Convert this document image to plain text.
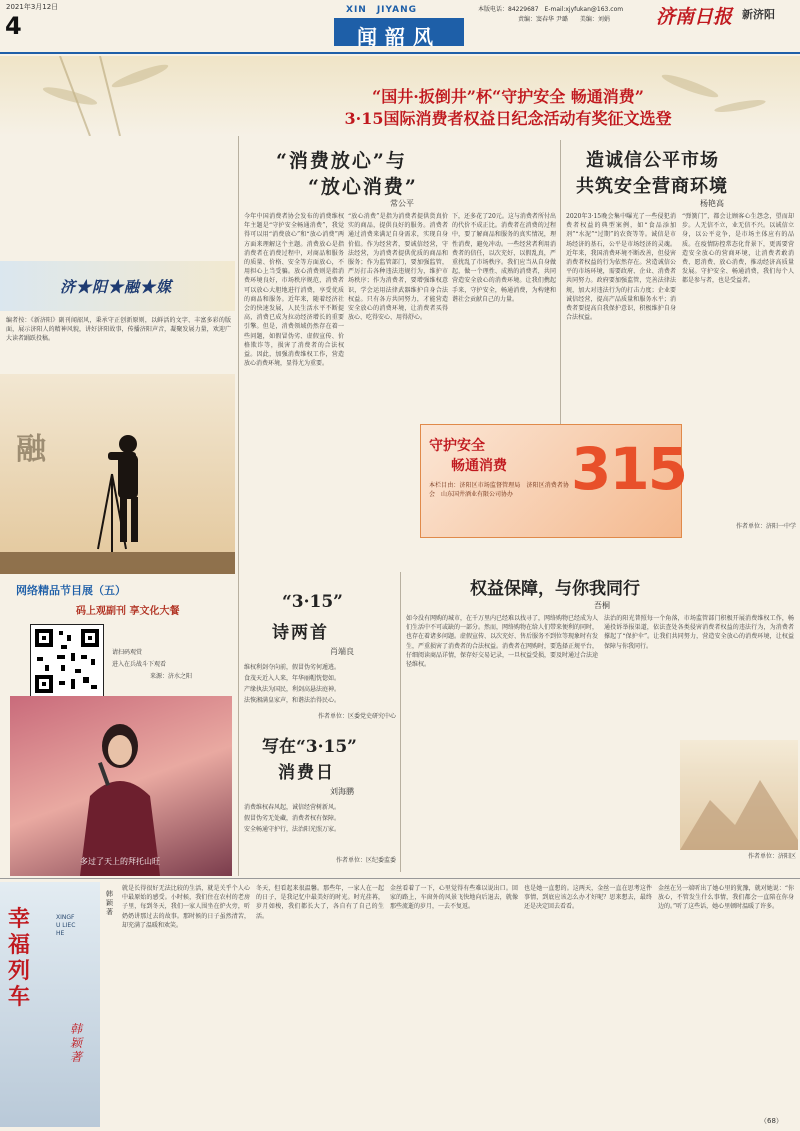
2021年3月12日
4
XIN　JIYANG
闻韶风
本版电话：84229687　E-mail:xjyfukan@163.com
责编：窦春华 尹璐　　美编：刘娟 济南日报 新济阳
“国井·扳倒井”杯“守护安全 畅通消费”
3·15国际消费者权益日纪念活动有奖征文选登
济★阳★融★媒
编者按：《新济阳》副刊闻韶风，秉承守正创新原则，以鲜活的文字、丰富多彩的版面，展示济阳人的精神风貌，讲好济阳故事，传播济阳声音，凝聚发展力量，欢迎广大读者踊跃投稿。
融
网络精品节目展（五）
码上观副刊 享文化大餐
请扫码观赏
进入在兵战斗下观看
来源：济水之阳
多过了天上的拜托山旺
“消费放心”与
“放心消费”
常公平
今年中国消费者协会发布的消费维权年主题是“守护安全畅通消费”，我觉得可以用“消费放心”和“放心消费”两方面来理解这个主题。消费放心是指消费者在消费过程中，对商品和服务的质量、价格、安全等方面放心，不用担心上当受骗。放心消费则是指消费环境良好，市场秩序规范，消费者可以放心大胆地进行消费，享受优质的商品和服务。近年来，随着经济社会的快速发展，人民生活水平不断提高，消费已成为拉动经济增长的重要引擎。但是，消费领域仍然存在着一些问题，如假冒伪劣、虚假宣传、价格欺诈等，损害了消费者的合法权益。因此，加强消费维权工作，营造放心消费环境，显得尤为重要。
“放心消费”是指为消费者提供货真价实的商品，提供良好的服务。消费者通过消费来满足自身需求，实现自身价值。作为经营者，要诚信经营，守法经营，为消费者提供优质的商品和服务；作为监管部门，要加强监管，严厉打击各种违法违规行为，维护市场秩序；作为消费者，要增强维权意识，学会运用法律武器维护自身合法权益。只有各方共同努力，才能营造安全放心的消费环境，让消费者买得放心、吃得安心、用得舒心。
下，还多花了20元。这与消费者所付出的代价不成正比。消费者在消费的过程中，要了解商品和服务的真实情况，理性消费，避免冲动。一些经营者利用消费者的信任，以次充好，以假乱真，严重扰乱了市场秩序。我们应当从自身做起，做一个理性、成熟的消费者，共同营造安全放心的消费环境。让我们携起手来，守护安全，畅通消费，为构建和谐社会贡献自己的力量。
造诚信公平市场
共筑安全营商环境
杨艳高
2020年3·15晚会集中曝光了一些侵犯消费者权益的典型案例，如“食品添加剂”“水泥”“过期”的农资等等。诚信是市场经济的基石，公平是市场经济的灵魂。近年来，我国消费环境不断改善，但侵害消费者权益的行为依然存在。营造诚信公平的市场环境，需要政府、企业、消费者共同努力。政府要加强监管，完善法律法规，加大对违法行为的打击力度；企业要诚信经营，提高产品质量和服务水平；消费者要提高自我保护意识，积极维护自身合法权益。
“弹簧门”，都会让顾客心生怨念，望而却步。人无信不立，业无信不兴。以诚信立身，以公平竞争，是市场主体应有的品质。在疫情防控常态化背景下，更需要营造安全放心的营商环境，让消费者敢消费、愿消费、放心消费，推动经济高质量发展。守护安全、畅通消费，我们每个人都是参与者，也是受益者。
作者单位：济阳一中学
守护安全
畅通消费 315
本栏目由：济阳区市场监督管理局　济阳区消费者协会　山东国井酒业有限公司协办
“3·15”
诗两首
肖端良
维权利剑夺向前，假冒伪劣何遁逃。
食茂天近入人来，年华丽帽恍惚如。
产缘执法为国民，利剑高悬法庭神。
法恢湘满皇家声，和谐法治得民心。
作者单位：区委党史研究中心
写在“3·15”
消费日
刘海鹏
消费维权春风起，诚信经营树新风。
假冒伪劣无处藏，消费者权有保障。
安全畅通守护行，法治阳光照万家。
作者单位：区纪委监委
权益保障，与你我同行
吾桐
如今没有网购的城市，在千万里内已经难以找寻了，网络购物已经成为人们生活中不可或缺的一部分。然而，网络购物在给人们带来便利的同时，也存在着诸多问题。虚假宣传、以次充好、售后服务不到位等现象时有发生，严重损害了消费者的合法权益。消费者在网购时，要选择正规平台，仔细阅读商品详情，保存好交易记录，一旦权益受损，要及时通过合法途径维权。
法治的阳光普照每一个角落，市场监管部门积极开展消费维权工作，畅通投诉举报渠道，依法查处各类侵害消费者权益的违法行为，为消费者撑起了“保护伞”。让我们共同努力，营造安全放心的消费环境，让权益保障与你我同行。
作者单位：济阳区
幸福列车
XINGFU LIECHE
韩颖著
韩颖　著
就是长得很好无法比较的生活，就是关乎个人心中最原始的感受。小时候，我们住在农村的老房子里，每到冬天，我们一家人围坐在炉火旁，听奶奶讲那过去的故事。那时候的日子虽然清苦，却充满了温暖和欢笑。
冬天，但看起来很温馨。那些年，一家人在一起的日子，是我记忆中最美好的时光。时光荏苒，岁月如梭，我们都长大了，各自有了自己的生活。
金丝看着了一下，心里觉得有些难以说出口。回家的路上，车窗外的风景飞快地向后退去，就像那些流逝的岁月，一去不复返。
也是她一直想的。这两天，金丝一直在思考这件事情，到底应该怎么办才好呢？思来想去，最终还是决定回去看看。
金丝在另一端听出了她心里的犹豫，就对她说：“你放心，不管发生什么事情，我们都会一直陪在你身边的。”听了这些话，她心里顿时温暖了许多。
（68）
